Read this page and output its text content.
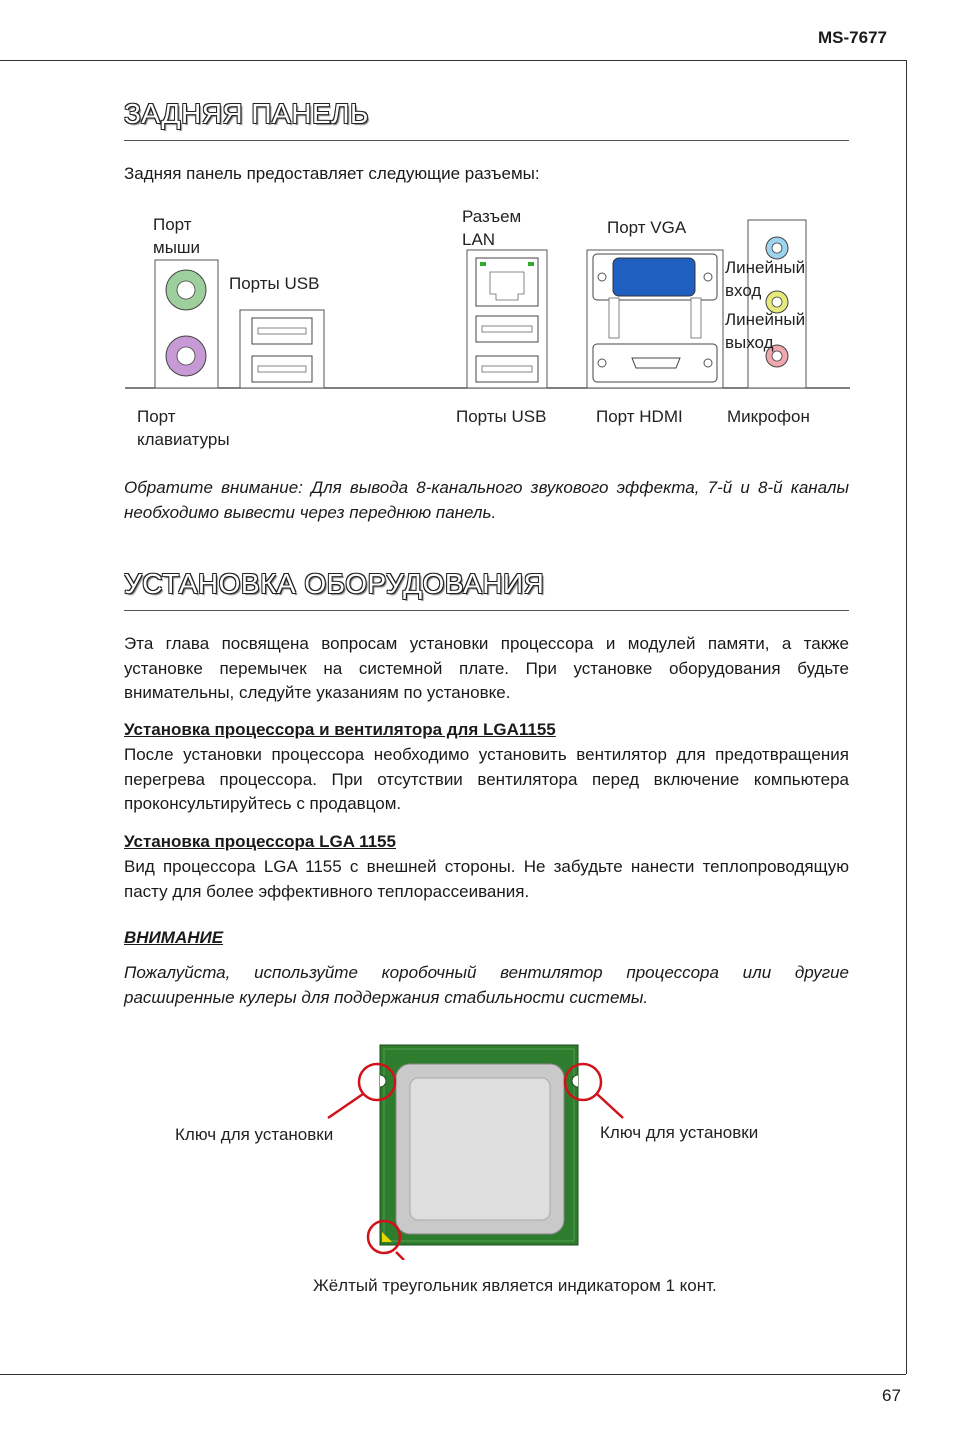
MS-7677
ЗАДНЯЯ ПАНЕЛЬ
Задняя панель предоставляет следующие разъемы:
Порт мыши
Порты USB
Разъем LAN
Порт VGA
Линейный вход
Линейный выход
Порт клавиатуры
Порты USB	Порт HDMI	Микрофон
Обратите внимание: Для вывода 8-канального звукового эффекта, 7-й и 8-й каналы необходимо вывести через переднюю панель.
УСТАНОВКА ОБОРУДОВАНИЯ
Эта глава посвящена вопросам установки процессора и модулей памяти, а также установке перемычек на системной плате. При установке оборудования будьте внимательны, следуйте указаниям по установке.
Установка процессора и вентилятора для LGA1155
После установки процессора необходимо установить вентилятор для предотвращения перегрева процессора. При отсутствии вентилятора перед включение компьютера проконсультируйтесь с продавцом.
Установка процессора LGA 1155
Вид процессора LGA 1155 с внешней стороны. Не забудьте нанести теплопроводящую пасту для более эффективного теплорассеивания.
ВНИМАНИЕ
Пожалуйста, используйте коробочный вентилятор процессора или другие расширенные кулеры для поддержания стабильности системы.
Ключ для установки	Ключ для установки
Жёлтый треугольник является индикатором 1 конт.
67
